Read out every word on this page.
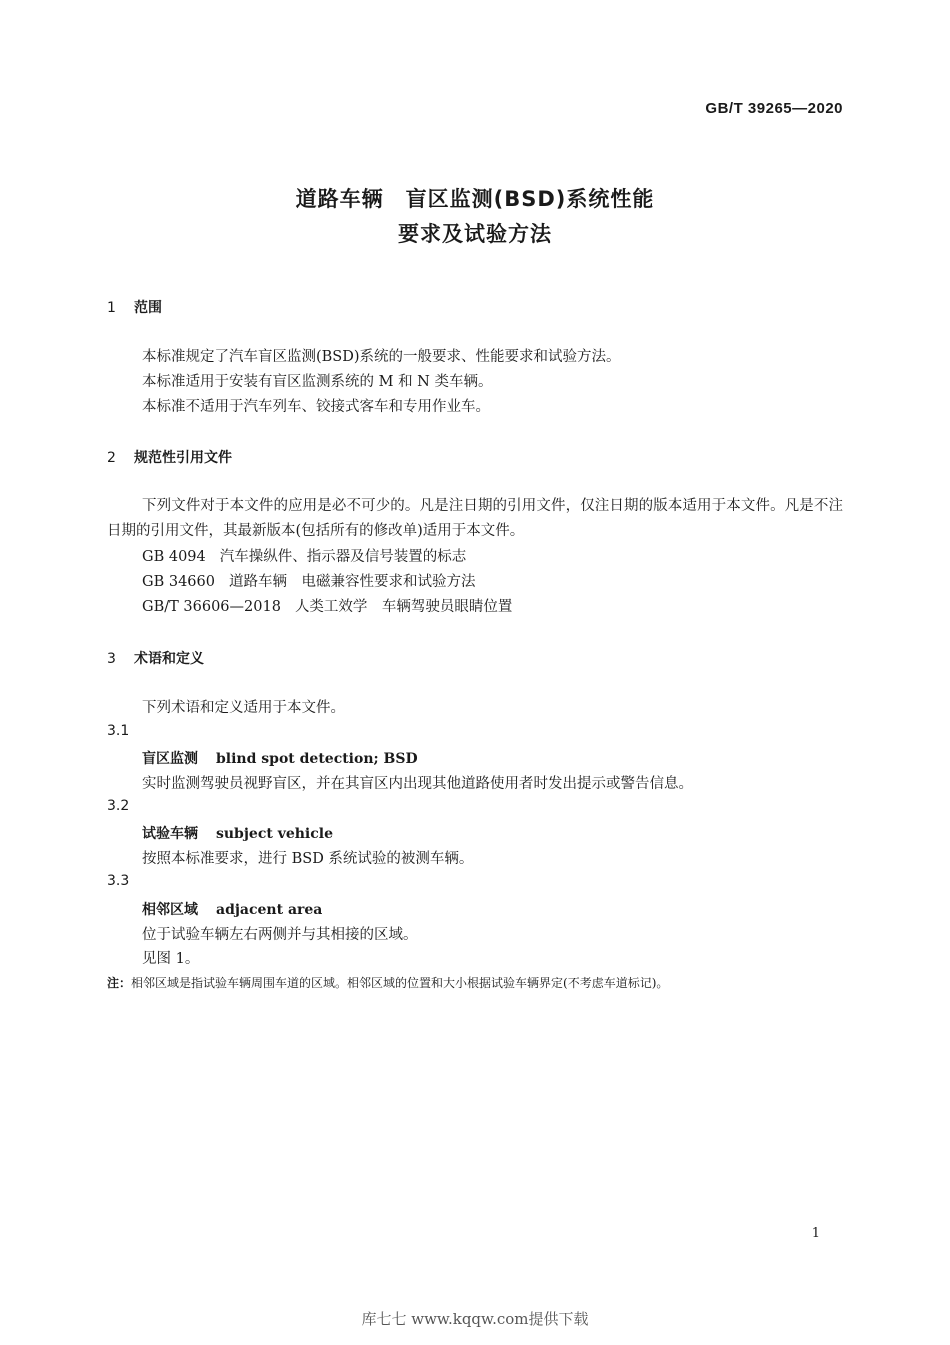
GB/T 39265—2020
道路车辆　盲区监测(BSD)系统性能
要求及试验方法
1 范围
本标准规定了汽车盲区监测(BSD)系统的一般要求、性能要求和试验方法。
本标准适用于安装有盲区监测系统的 M 和 N 类车辆。
本标准不适用于汽车列车、铰接式客车和专用作业车。
2 规范性引用文件
下列文件对于本文件的应用是必不可少的。凡是注日期的引用文件，仅注日期的版本适用于本文件。凡是不注日期的引用文件，其最新版本(包括所有的修改单)适用于本文件。
GB 4094 汽车操纵件、指示器及信号装置的标志
GB 34660 道路车辆　电磁兼容性要求和试验方法
GB/T 36606—2018 人类工效学　车辆驾驶员眼睛位置
3 术语和定义
下列术语和定义适用于本文件。
3.1
盲区监测 blind spot detection; BSD
实时监测驾驶员视野盲区，并在其盲区内出现其他道路使用者时发出提示或警告信息。
3.2
试验车辆 subject vehicle
按照本标准要求，进行 BSD 系统试验的被测车辆。
3.3
相邻区域 adjacent area
位于试验车辆左右两侧并与其相接的区域。
见图 1。
注：相邻区域是指试验车辆周围车道的区域。相邻区域的位置和大小根据试验车辆界定(不考虑车道标记)。
1
库七七 www.kqqw.com提供下载
